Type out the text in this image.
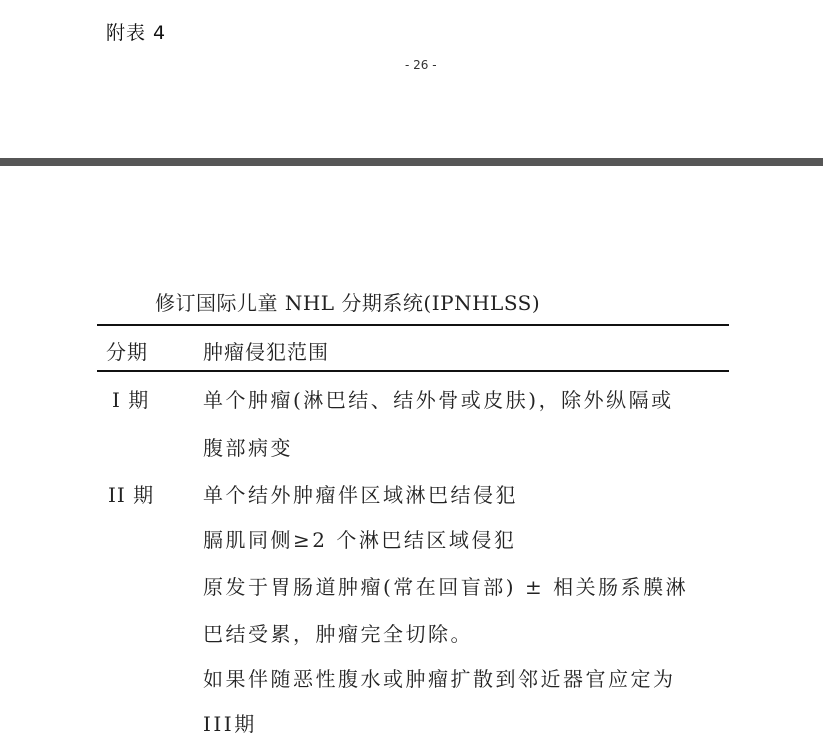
附表 4
- 26 -
修订国际儿童 NHL 分期系统(IPNHLSS)
分期	肿瘤侵犯范围
I 期	单个肿瘤(淋巴结、结外骨或皮肤)，除外纵隔或
腹部病变
II 期 单个结外肿瘤伴区域淋巴结侵犯
膈肌同侧≥2 个淋巴结区域侵犯
原发于胃肠道肿瘤(常在回盲部) ± 相关肠系膜淋
巴结受累，肿瘤完全切除。
如果伴随恶性腹水或肿瘤扩散到邻近器官应定为
III期
